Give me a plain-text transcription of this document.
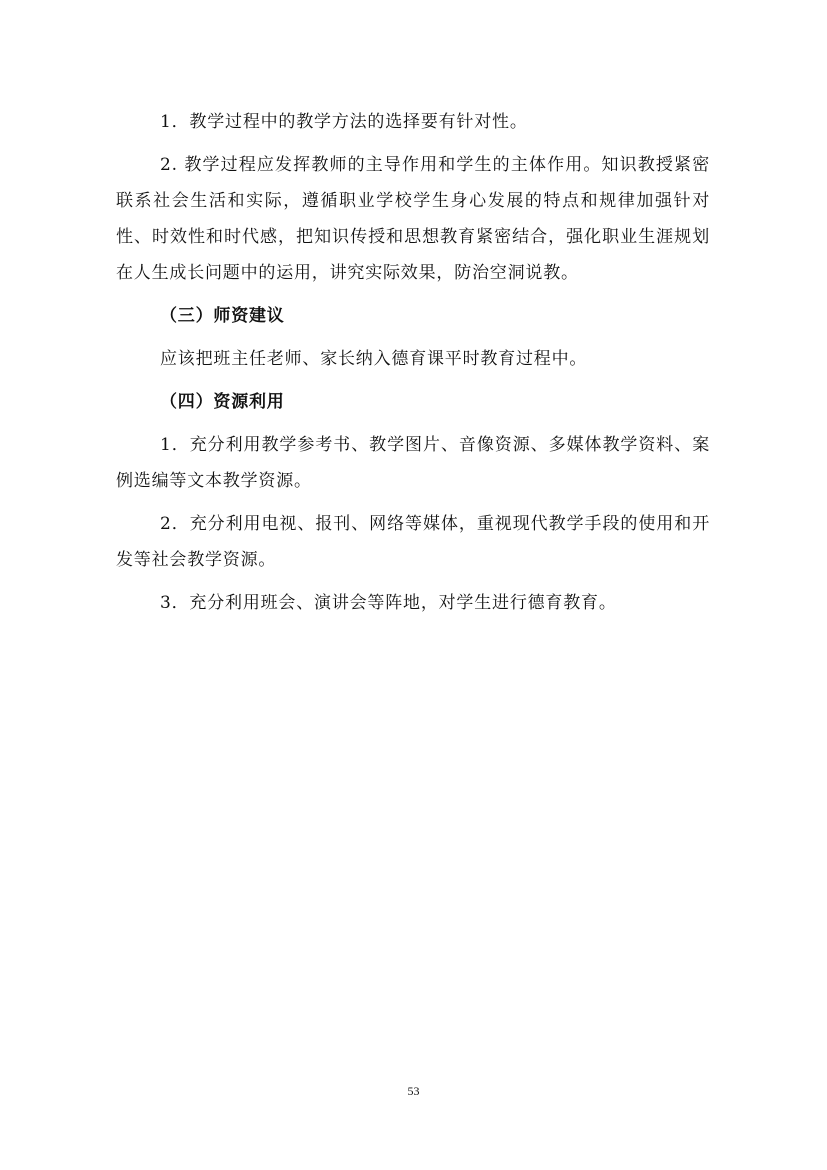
1．教学过程中的教学方法的选择要有针对性。

2. 教学过程应发挥教师的主导作用和学生的主体作用。知识教授紧密联系社会生活和实际，遵循职业学校学生身心发展的特点和规律加强针对性、时效性和时代感，把知识传授和思想教育紧密结合，强化职业生涯规划在人生成长问题中的运用，讲究实际效果，防治空洞说教。

（三）师资建议

应该把班主任老师、家长纳入德育课平时教育过程中。

（四）资源利用

1．充分利用教学参考书、教学图片、音像资源、多媒体教学资料、案例选编等文本教学资源。

2．充分利用电视、报刊、网络等媒体，重视现代教学手段的使用和开发等社会教学资源。

3．充分利用班会、演讲会等阵地，对学生进行德育教育。

53
